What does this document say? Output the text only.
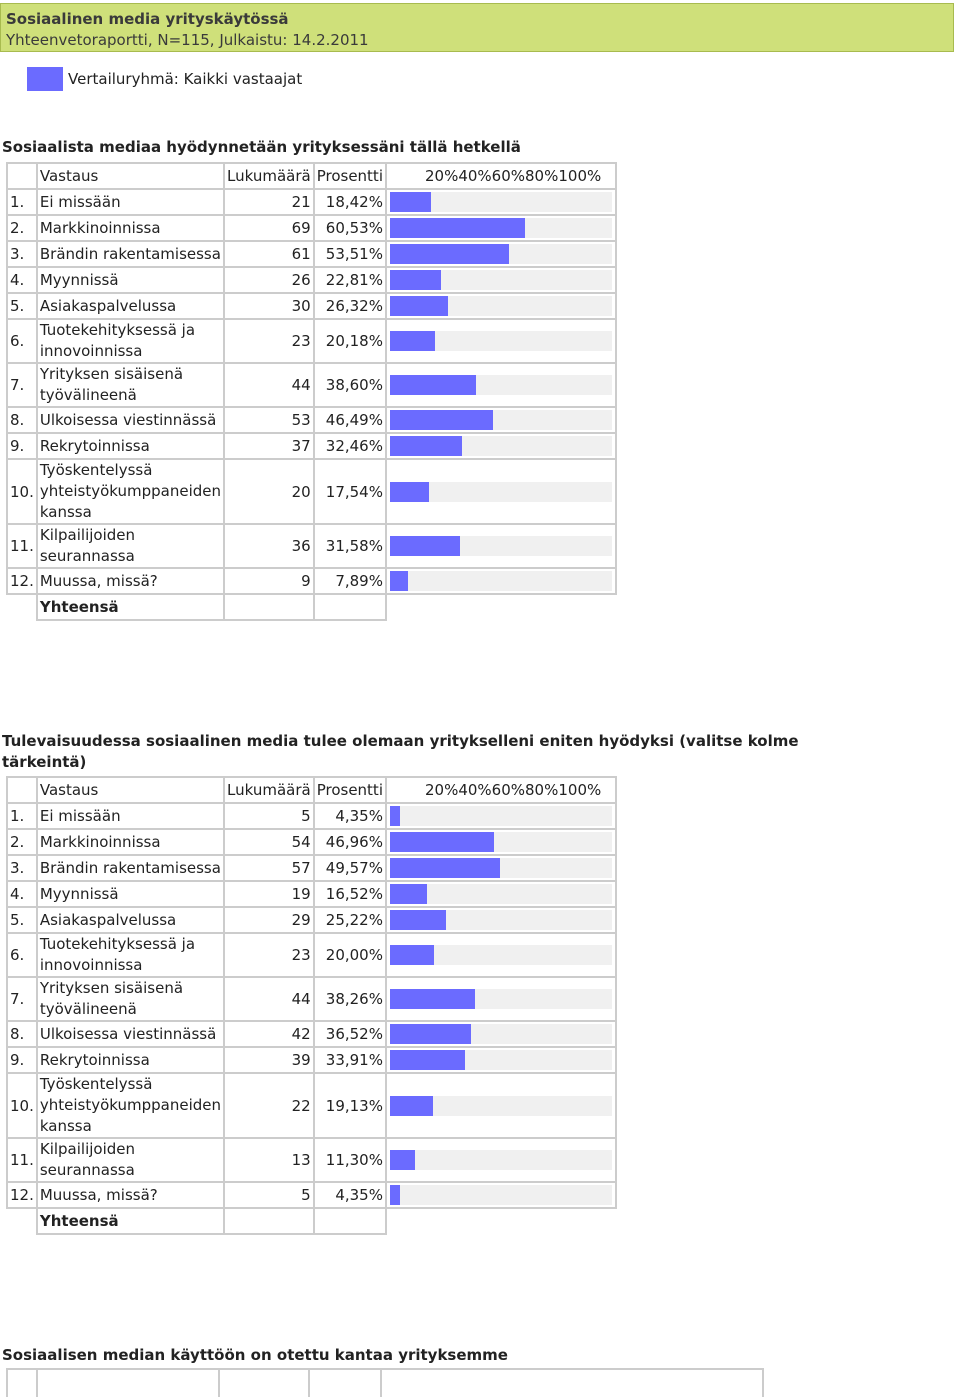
Sosiaalinen media yrityskäytössä
Yhteenvetoraportti, N=115, Julkaistu: 14.2.2011
Vertailuryhmä: Kaikki vastaajat
Sosiaalista mediaa hyödynnetään yrityksessäni tällä hetkellä
	Vastaus	Lukumäärä	Prosentti	20% 40% 60% 80% 100%

1.	Ei missään	21	18,42%	

2.	Markkinoinnissa	69	60,53%	

3.	Brändin rakentamisessa	61	53,51%	

4.	Myynnissä	26	22,81%	

5.	Asiakaspalvelussa	30	26,32%	

6.	Tuotekehityksessä ja innovoinnissa	23	20,18%	

7.	Yrityksen sisäisenä työvälineenä	44	38,60%	

8.	Ulkoisessa viestinnässä	53	46,49%	

9.	Rekrytoinnissa	37	32,46%	

10.	Työskentelyssä yhteistyökumppaneiden kanssa	20	17,54%	

11.	Kilpailijoiden seurannassa	36	31,58%	

12.	Muussa, missä?	9	7,89%	

	Yhteensä			
Tulevaisuudessa sosiaalinen media tulee olemaan yritykselleni eniten hyödyksi (valitse kolme tärkeintä)
	Vastaus	Lukumäärä	Prosentti	20% 40% 60% 80% 100%

1.	Ei missään	5	4,35%	

2.	Markkinoinnissa	54	46,96%	

3.	Brändin rakentamisessa	57	49,57%	

4.	Myynnissä	19	16,52%	

5.	Asiakaspalvelussa	29	25,22%	

6.	Tuotekehityksessä ja innovoinnissa	23	20,00%	

7.	Yrityksen sisäisenä työvälineenä	44	38,26%	

8.	Ulkoisessa viestinnässä	42	36,52%	

9.	Rekrytoinnissa	39	33,91%	

10.	Työskentelyssä yhteistyökumppaneiden kanssa	22	19,13%	

11.	Kilpailijoiden seurannassa	13	11,30%	

12.	Muussa, missä?	5	4,35%	

	Yhteensä			
Sosiaalisen median käyttöön on otettu kantaa yrityksemme
